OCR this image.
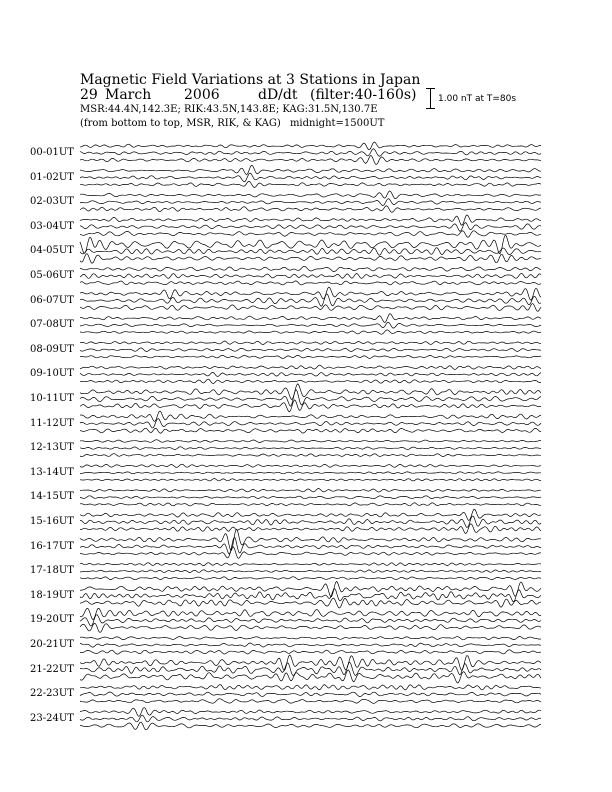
Magnetic Field Variations at 3 Stations in Japan
29 March 2006	dD/dt (filter:40-160s)
MSR:44.4N,142.3E; RIK:43.5N,143.8E; KAG:31.5N,130.7E
(from bottom to top, MSR, RIK, & KAG) midnight=1500UT
1.00 nT at T=80s
00-01UT
01-02UT
02-03UT
03-04UT
04-05UT
05-06UT
06-07UT
07-08UT
08-09UT
09-10UT
10-11UT
11-12UT
12-13UT
13-14UT
14-15UT
15-16UT
16-17UT
17-18UT
18-19UT
19-20UT
20-21UT
21-22UT
22-23UT
23-24UT
